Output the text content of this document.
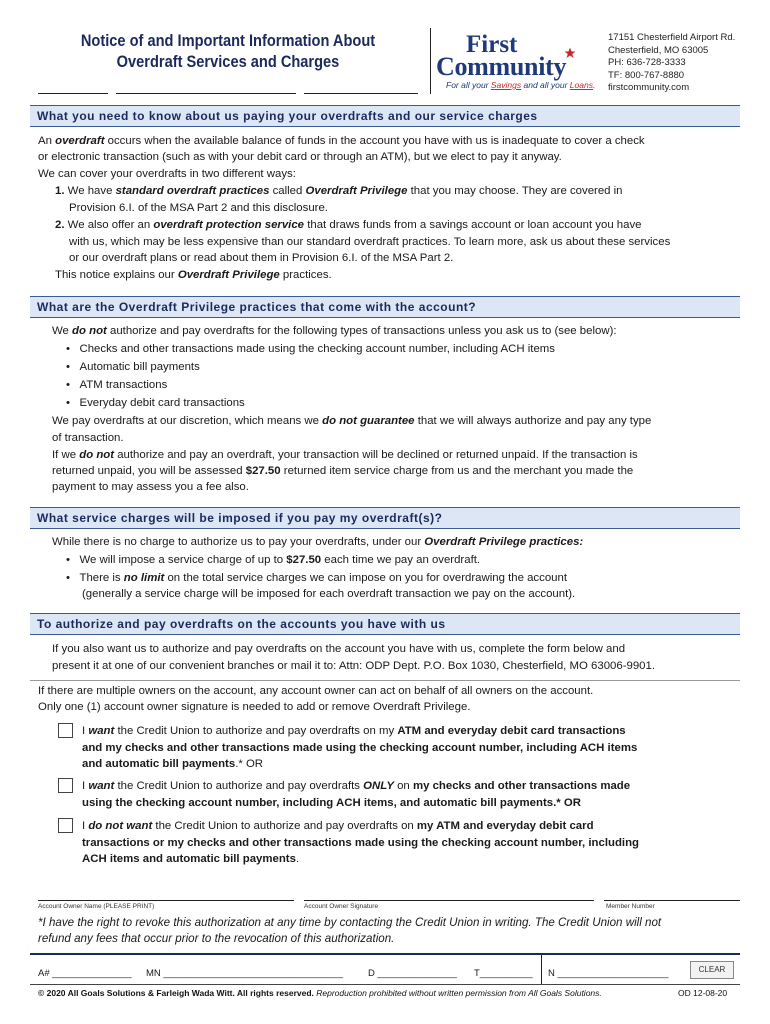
Notice of and Important Information About
Overdraft Services and Charges
First
Community
For all your Savings and all your Loans.
17151 Chesterfield Airport Rd.
Chesterfield, MO 63005
PH: 636-728-3333
TF: 800-767-8880
firstcommunity.com
What you need to know about us paying your overdrafts and our service charges
An overdraft occurs when the available balance of funds in the account you have with us is inadequate to cover a check
or electronic transaction (such as with your debit card or through an ATM), but we elect to pay it anyway.
We can cover your overdrafts in two different ways:
1. We have standard overdraft practices called Overdraft Privilege that you may choose. They are covered in
Provision 6.I. of the MSA Part 2 and this disclosure.
2. We also offer an overdraft protection service that draws funds from a savings account or loan account you have
with us, which may be less expensive than our standard overdraft practices. To learn more, ask us about these services
or our overdraft plans or read about them in Provision 6.I. of the MSA Part 2.
This notice explains our Overdraft Privilege practices.
What are the Overdraft Privilege practices that come with the account?
We do not authorize and pay overdrafts for the following types of transactions unless you ask us to (see below):
•   Checks and other transactions made using the checking account number, including ACH items
•   Automatic bill payments
•   ATM transactions
•   Everyday debit card transactions
We pay overdrafts at our discretion, which means we do not guarantee that we will always authorize and pay any type
of transaction.
If we do not authorize and pay an overdraft, your transaction will be declined or returned unpaid. If the transaction is
returned unpaid, you will be assessed $27.50 returned item service charge from us and the merchant you made the
payment to may assess you a fee also.
What service charges will be imposed if you pay my overdraft(s)?
While there is no charge to authorize us to pay your overdrafts, under our Overdraft Privilege practices:
•   We will impose a service charge of up to $27.50 each time we pay an overdraft.
•   There is no limit on the total service charges we can impose on you for overdrawing the account
(generally a service charge will be imposed for each overdraft transaction we pay on the account).
To authorize and pay overdrafts on the accounts you have with us
If you also want us to authorize and pay overdrafts on the account you have with us, complete the form below and
present it at one of our convenient branches or mail it to: Attn: ODP Dept. P.O. Box 1030, Chesterfield, MO 63006-9901.
If there are multiple owners on the account, any account owner can act on behalf of all owners on the account.
Only one (1) account owner signature is needed to add or remove Overdraft Privilege.
I want the Credit Union to authorize and pay overdrafts on my ATM and everyday debit card transactions
and my checks and other transactions made using the checking account number, including ACH items
and automatic bill payments.* OR
I want the Credit Union to authorize and pay overdrafts ONLY on my checks and other transactions made
using the checking account number, including ACH items, and automatic bill payments.* OR
I do not want the Credit Union to authorize and pay overdrafts on my ATM and everyday debit card
transactions or my checks and other transactions made using the checking account number, including
ACH items and automatic bill payments.
Account Owner Name (PLEASE PRINT)	Account Owner Signature	Member Number
*I have the right to revoke this authorization at any time by contacting the Credit Union in writing. The Credit Union will not
refund any fees that occur prior to the revocation of this authorization.
A# _______________ MN __________________________________	D _______________ T__________ N _____________________	CLEAR
© 2020 All Goals Solutions & Farleigh Wada Witt. All rights reserved. Reproduction prohibited without written permission from All Goals Solutions.	OD 12-08-20
